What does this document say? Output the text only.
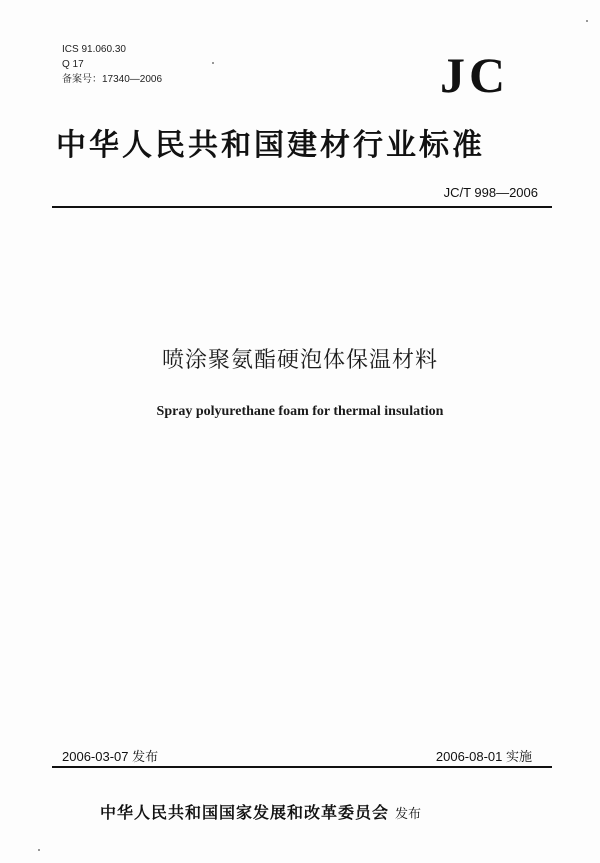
ICS 91.060.30
Q 17
备案号：17340—2006	JC
中华人民共和国建材行业标准
JC/T 998—2006
喷涂聚氨酯硬泡体保温材料
Spray polyurethane foam for thermal insulation
2006-03-07 发布	2006-08-01 实施
中华人民共和国国家发展和改革委员会 发布
